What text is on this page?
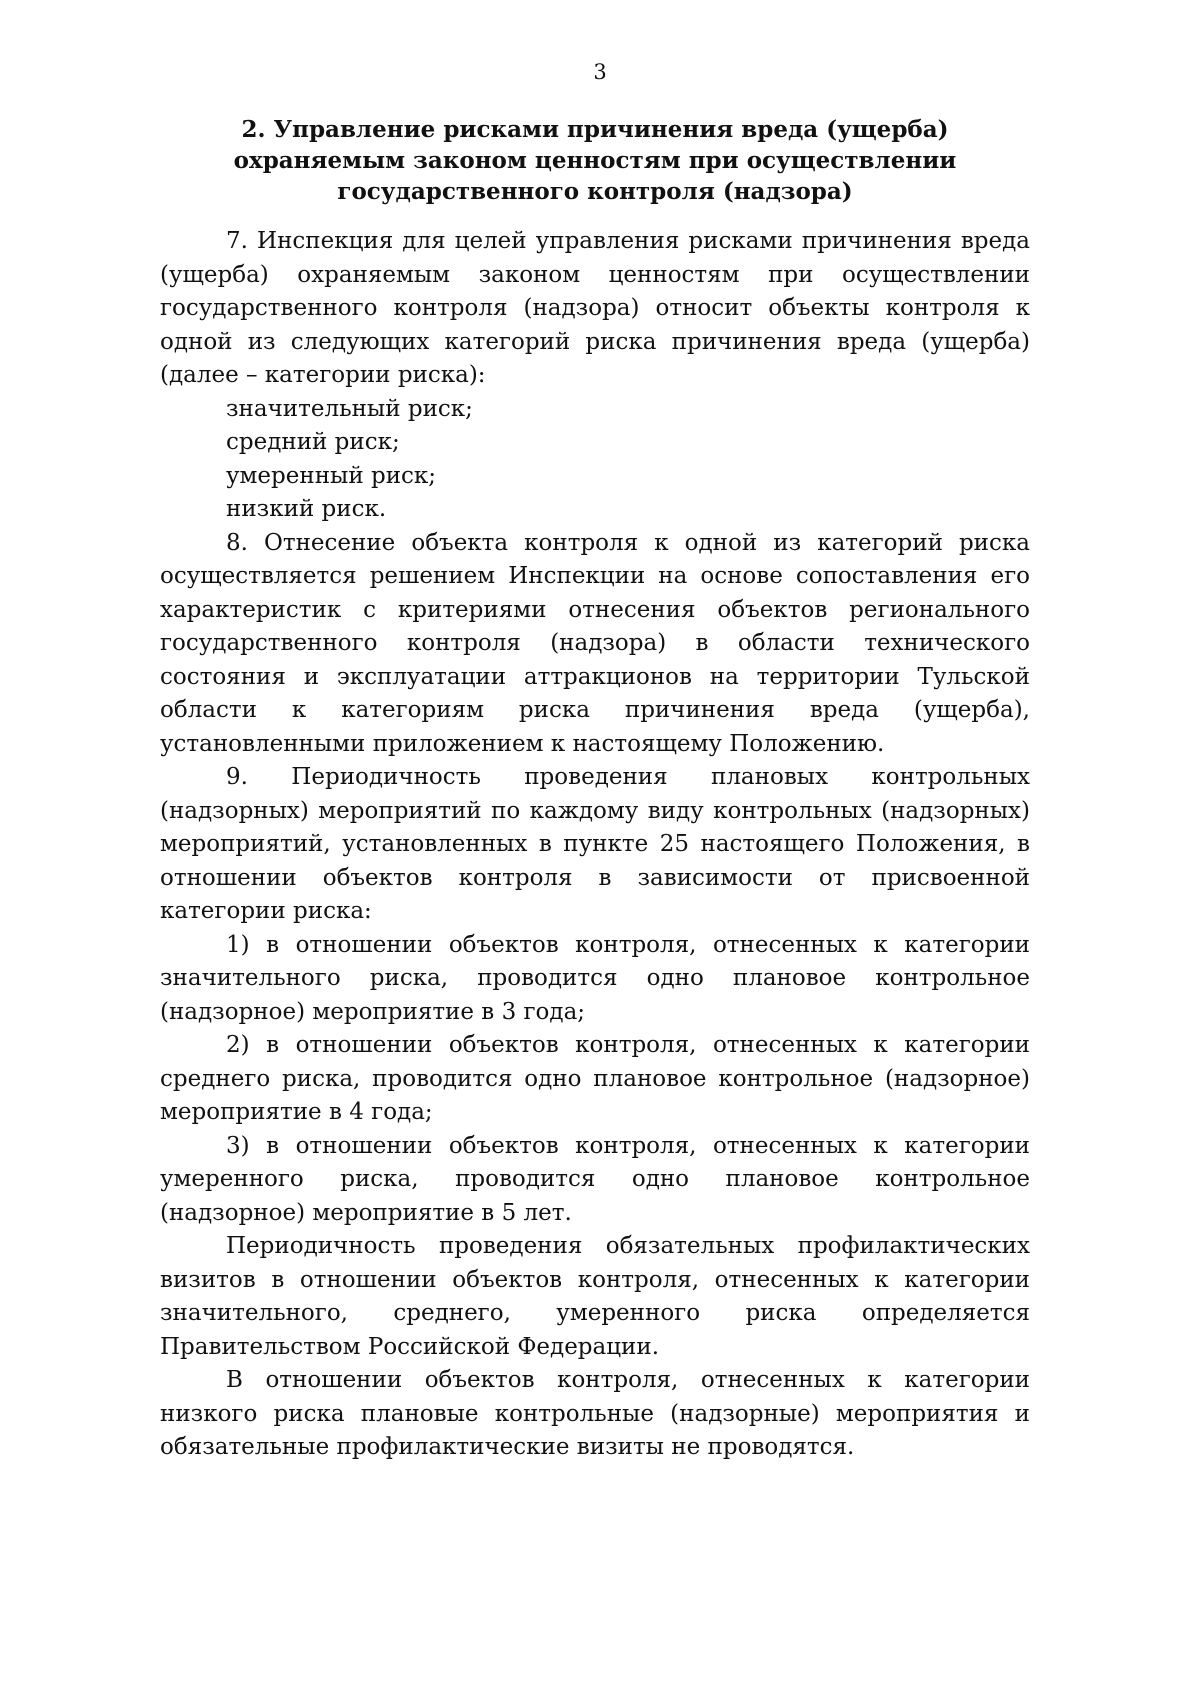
3
2. Управление рисками причинения вреда (ущерба)
охраняемым законом ценностям при осуществлении
государственного контроля (надзора)

7. Инспекция для целей управления рисками причинения вреда (ущерба) охраняемым законом ценностям при осуществлении государственного контроля (надзора) относит объекты контроля к одной из следующих категорий риска причинения вреда (ущерба) (далее – категории риска):

значительный риск;

средний риск;

умеренный риск;

низкий риск.

8. Отнесение объекта контроля к одной из категорий риска осуществляется решением Инспекции на основе сопоставления его характеристик с критериями отнесения объектов регионального государственного контроля (надзора) в области технического состояния и эксплуатации аттракционов на территории Тульской области к категориям риска причинения вреда (ущерба), установленными приложением к настоящему Положению.

9. Периодичность проведения плановых контрольных (надзорных) мероприятий по каждому виду контрольных (надзорных) мероприятий, установленных в пункте 25 настоящего Положения, в отношении объектов контроля в зависимости от присвоенной категории риска:

1) в отношении объектов контроля, отнесенных к категории значительного риска, проводится одно плановое контрольное (надзорное) мероприятие в 3 года;

2) в отношении объектов контроля, отнесенных к категории среднего риска, проводится одно плановое контрольное (надзорное) мероприятие в 4 года;

3) в отношении объектов контроля, отнесенных к категории умеренного риска, проводится одно плановое контрольное (надзорное) мероприятие в 5 лет.

Периодичность проведения обязательных профилактических визитов в отношении объектов контроля, отнесенных к категории значительного, среднего, умеренного риска определяется Правительством Российской Федерации.

В отношении объектов контроля, отнесенных к категории низкого риска плановые контрольные (надзорные) мероприятия и обязательные профилактические визиты не проводятся.
